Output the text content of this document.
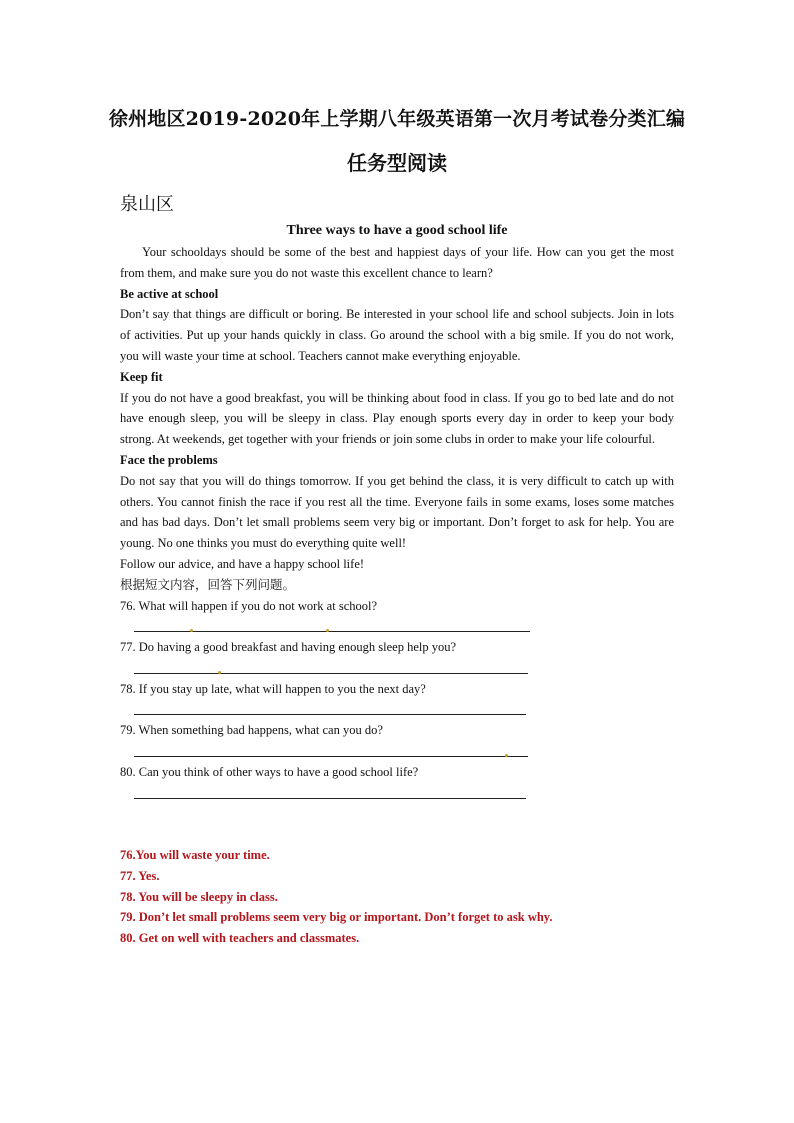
徐州地区2019-2020年上学期八年级英语第一次月考试卷分类汇编
任务型阅读
泉山区
Three ways to have a good school life

Your schooldays should be some of the best and happiest days of your life. How can you get the most from them, and make sure you do not waste this excellent chance to learn?

Be active at school

Don’t say that things are difficult or boring. Be interested in your school life and school subjects. Join in lots of activities. Put up your hands quickly in class. Go around the school with a big smile. If you do not work, you will waste your time at school. Teachers cannot make everything enjoyable.

Keep fit

If you do not have a good breakfast, you will be thinking about food in class. If you go to bed late and do not have enough sleep, you will be sleepy in class. Play enough sports every day in order to keep your body strong. At weekends, get together with your friends or join some clubs in order to make your life colourful.

Face the problems

Do not say that you will do things tomorrow. If you get behind the class, it is very difficult to catch up with others. You cannot finish the race if you rest all the time. Everyone fails in some exams, loses some matches and has bad days. Don’t let small problems seem very big or important. Don’t forget to ask for help. You are young. No one thinks you must do everything quite well!

Follow our advice, and have a happy school life!

根据短文内容，回答下列问题。

76. What will happen if you do not work at school?

77. Do having a good breakfast and having enough sleep help you?

78. If you stay up late, what will happen to you the next day?

79. When something bad happens, what can you do?

80. Can you think of other ways to have a good school life?

76.You will waste your time.

77. Yes.

78. You will be sleepy in class.

79. Don’t let small problems seem very big or important. Don’t forget to ask why.

80. Get on well with teachers and classmates.
